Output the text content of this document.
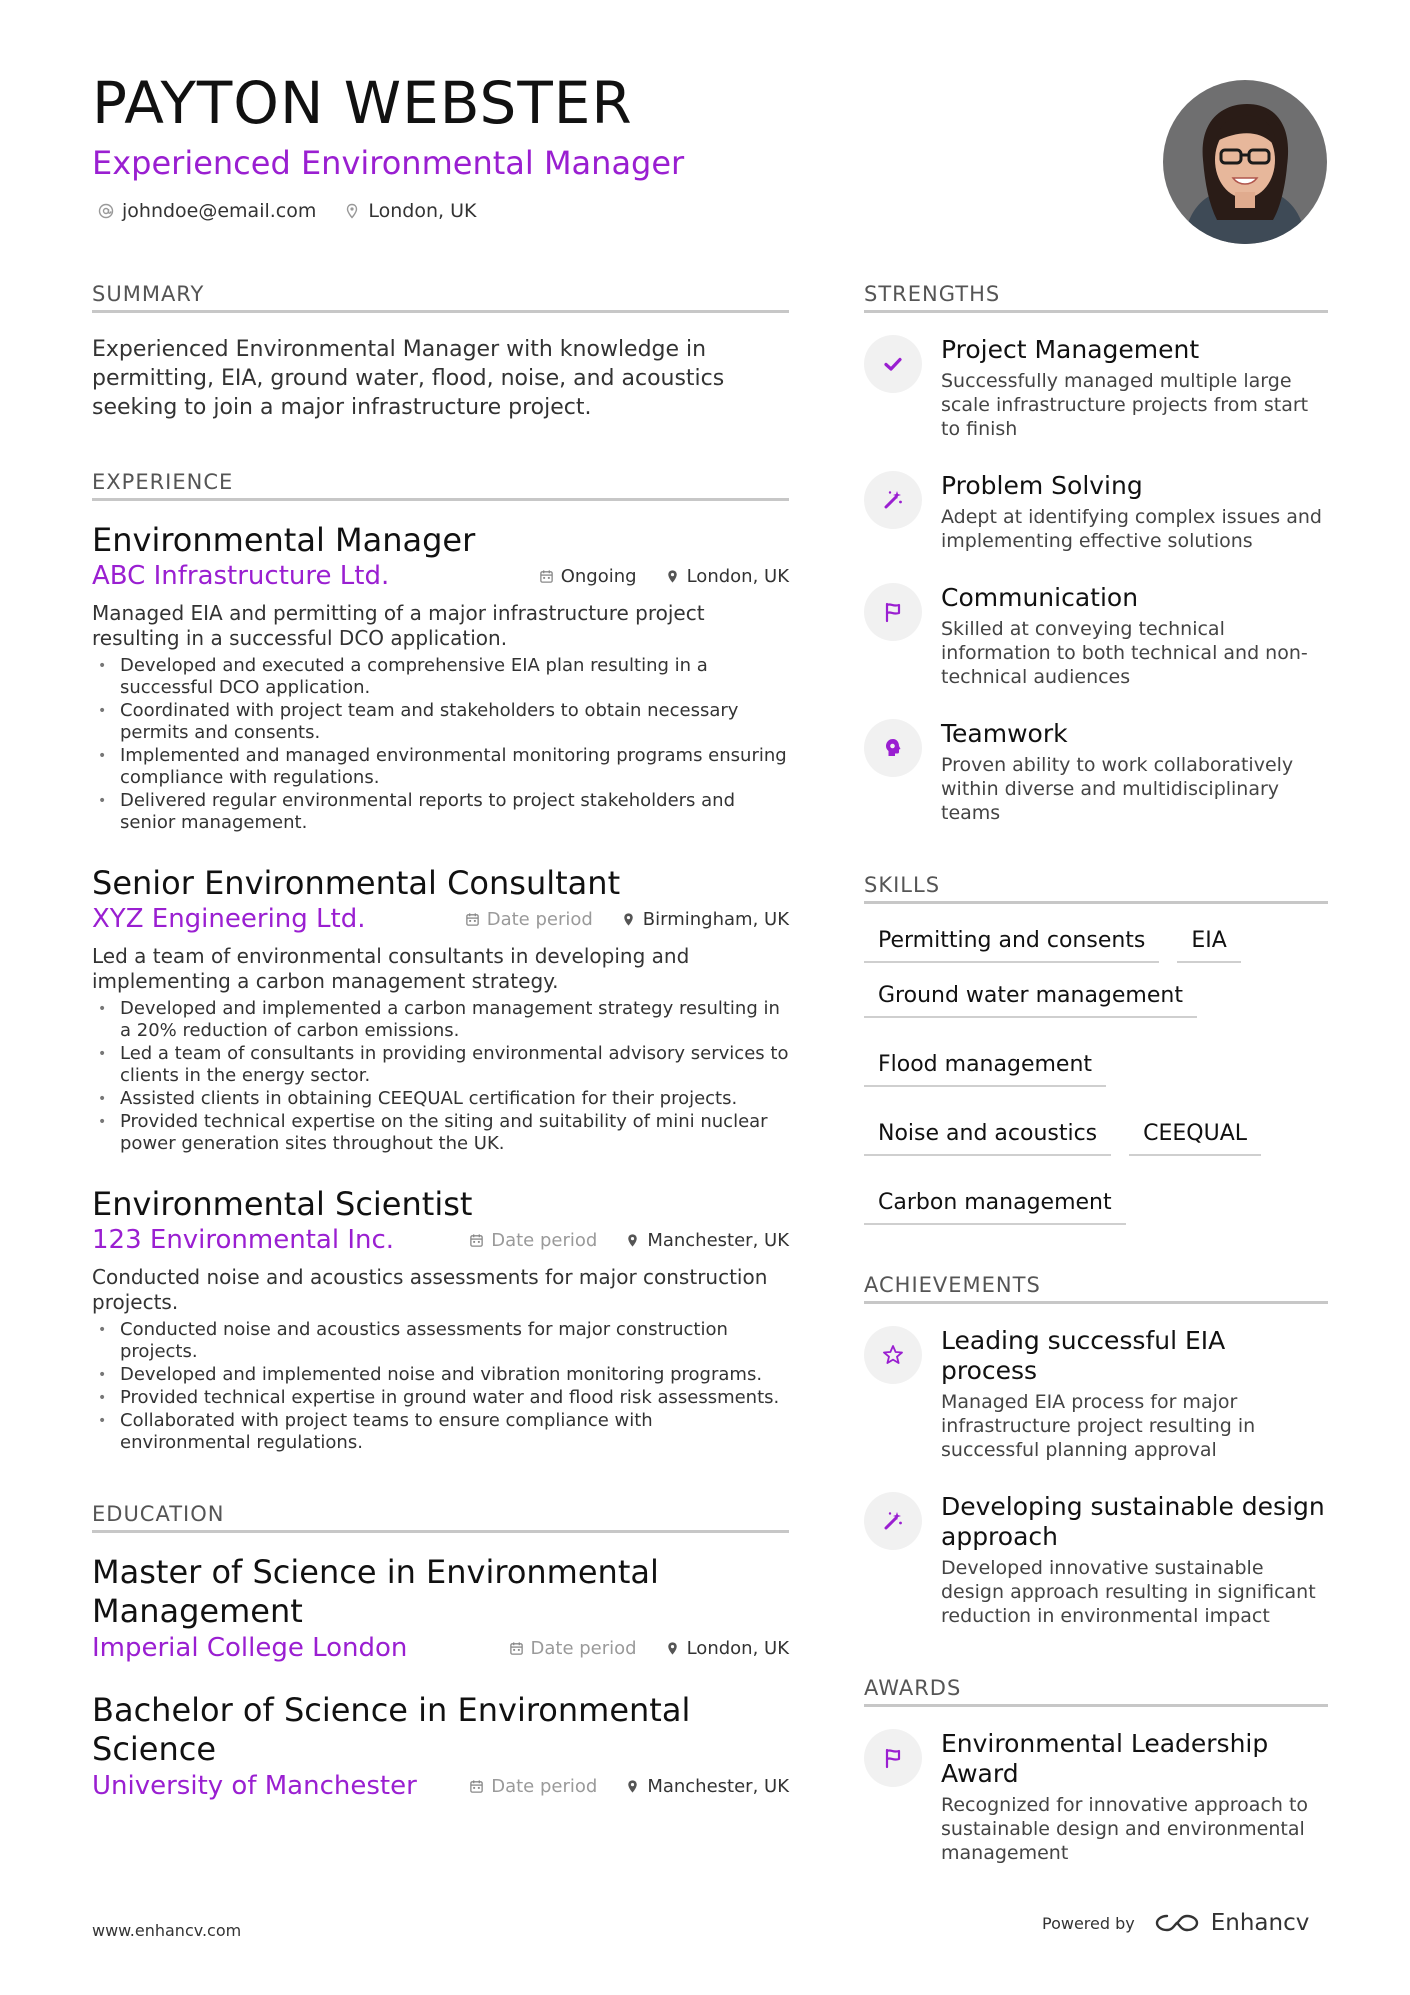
PAYTON WEBSTER
Experienced Environmental Manager
johndoe@email.com	London, UK
SUMMARY
Experienced Environmental Manager with knowledge in permitting, EIA, ground water, flood, noise, and acoustics seeking to join a major infrastructure project.
EXPERIENCE
Environmental Manager
ABC Infrastructure Ltd.	Ongoing	London, UK
Managed EIA and permitting of a major infrastructure project resulting in a successful DCO application.
• Developed and executed a comprehensive EIA plan resulting in a successful DCO application.
• Coordinated with project team and stakeholders to obtain necessary permits and consents.
• Implemented and managed environmental monitoring programs ensuring compliance with regulations.
• Delivered regular environmental reports to project stakeholders and senior management.
Senior Environmental Consultant
XYZ Engineering Ltd.	Date period	Birmingham, UK
Led a team of environmental consultants in developing and implementing a carbon management strategy.
• Developed and implemented a carbon management strategy resulting in a 20% reduction of carbon emissions.
• Led a team of consultants in providing environmental advisory services to clients in the energy sector.
• Assisted clients in obtaining CEEQUAL certification for their projects.
• Provided technical expertise on the siting and suitability of mini nuclear power generation sites throughout the UK.
Environmental Scientist
123 Environmental Inc.	Date period	Manchester, UK
Conducted noise and acoustics assessments for major construction projects.
• Conducted noise and acoustics assessments for major construction projects.
• Developed and implemented noise and vibration monitoring programs.
• Provided technical expertise in ground water and flood risk assessments.
• Collaborated with project teams to ensure compliance with environmental regulations.
EDUCATION
Master of Science in Environmental Management
Imperial College London	Date period	London, UK
Bachelor of Science in Environmental Science
University of Manchester	Date period	Manchester, UK
STRENGTHS
Project Management
Successfully managed multiple large scale infrastructure projects from start to finish
Problem Solving
Adept at identifying complex issues and implementing effective solutions
Communication
Skilled at conveying technical information to both technical and non-technical audiences
Teamwork
Proven ability to work collaboratively within diverse and multidisciplinary teams
SKILLS
Permitting and consents	EIA
Ground water management
Flood management
Noise and acoustics	CEEQUAL
Carbon management
ACHIEVEMENTS
Leading successful EIA process
Managed EIA process for major infrastructure project resulting in successful planning approval
Developing sustainable design approach
Developed innovative sustainable design approach resulting in significant reduction in environmental impact
AWARDS
Environmental Leadership Award
Recognized for innovative approach to sustainable design and environmental management
www.enhancv.com	Powered by	Enhancv
